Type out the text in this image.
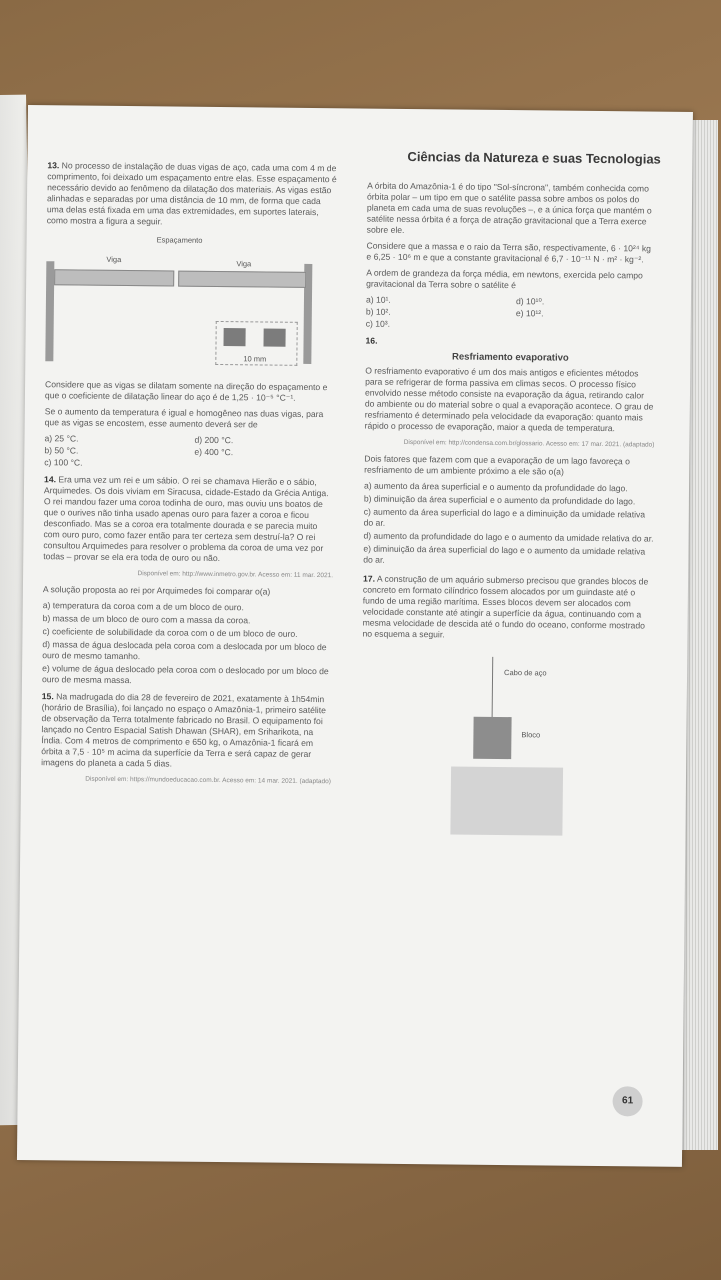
Ciências da Natureza e suas Tecnologias

13. No processo de instalação de duas vigas de aço, cada uma com 4 m de comprimento, foi deixado um espaçamento entre elas. Esse espaçamento é necessário devido ao fenômeno da dilatação dos materiais. As vigas estão alinhadas e separadas por uma distância de 10 mm, de forma que cada uma delas está fixada em uma das extremidades, em suportes laterais, como mostra a figura a seguir.

Espaçamento
Viga	Viga
10 mm

Considere que as vigas se dilatam somente na direção do espaçamento e que o coeficiente de dilatação linear do aço é de 1,25 · 10⁻⁵ °C⁻¹.

Se o aumento da temperatura é igual e homogêneo nas duas vigas, para que as vigas se encostem, esse aumento deverá ser de

a) 25 °C.	d) 200 °C.
b) 50 °C.	e) 400 °C.
c) 100 °C.

14. Era uma vez um rei e um sábio. O rei se chamava Hierão e o sábio, Arquimedes. Os dois viviam em Siracusa, cidade-Estado da Grécia Antiga. O rei mandou fazer uma coroa todinha de ouro, mas ouviu uns boatos de que o ourives não tinha usado apenas ouro para fazer a coroa e ficou desconfiado. Mas se a coroa era totalmente dourada e se parecia muito com ouro puro, como fazer então para ter certeza sem destruí-la? O rei consultou Arquimedes para resolver o problema da coroa de uma vez por todas – provar se ela era toda de ouro ou não.

Disponível em: http://www.inmetro.gov.br. Acesso em: 11 mar. 2021.

A solução proposta ao rei por Arquimedes foi comparar o(a)

a) temperatura da coroa com a de um bloco de ouro.
b) massa de um bloco de ouro com a massa da coroa.
c) coeficiente de solubilidade da coroa com o de um bloco de ouro.
d) massa de água deslocada pela coroa com a deslocada por um bloco de ouro de mesmo tamanho.
e) volume de água deslocado pela coroa com o deslocado por um bloco de ouro de mesma massa.

15. Na madrugada do dia 28 de fevereiro de 2021, exatamente à 1h54min (horário de Brasília), foi lançado no espaço o Amazônia-1, primeiro satélite de observação da Terra totalmente fabricado no Brasil. O equipamento foi lançado no Centro Espacial Satish Dhawan (SHAR), em Sriharikota, na Índia. Com 4 metros de comprimento e 650 kg, o Amazônia-1 ficará em órbita a 7,5 · 10⁵ m acima da superfície da Terra e será capaz de gerar imagens do planeta a cada 5 dias.

Disponível em: https://mundoeducacao.com.br. Acesso em: 14 mar. 2021. (adaptado)

A órbita do Amazônia-1 é do tipo "Sol-síncrona", também conhecida como órbita polar – um tipo em que o satélite passa sobre ambos os polos do planeta em cada uma de suas revoluções –, e a única força que mantém o satélite nessa órbita é a força de atração gravitacional que a Terra exerce sobre ele.

Considere que a massa e o raio da Terra são, respectivamente, 6 · 10²⁴ kg e 6,25 · 10⁶ m e que a constante gravitacional é 6,7 · 10⁻¹¹ N · m² · kg⁻².

A ordem de grandeza da força média, em newtons, exercida pelo campo gravitacional da Terra sobre o satélite é

a) 10¹.	d) 10¹⁰.
b) 10².	e) 10¹².
c) 10³.
16.
Resfriamento evaporativo

O resfriamento evaporativo é um dos mais antigos e eficientes métodos para se refrigerar de forma passiva em climas secos. O processo físico envolvido nesse método consiste na evaporação da água, retirando calor do ambiente ou do material sobre o qual a evaporação acontece. O grau de resfriamento é determinado pela velocidade da evaporação: quanto mais rápido o processo de evaporação, maior a queda de temperatura.

Disponível em: http://condensa.com.br/glossario. Acesso em: 17 mar. 2021. (adaptado)

Dois fatores que fazem com que a evaporação de um lago favoreça o resfriamento de um ambiente próximo a ele são o(a)

a) aumento da área superficial e o aumento da profundidade do lago.
b) diminuição da área superficial e o aumento da profundidade do lago.
c) aumento da área superficial do lago e a diminuição da umidade relativa do ar.
d) aumento da profundidade do lago e o aumento da umidade relativa do ar.
e) diminuição da área superficial do lago e o aumento da umidade relativa do ar.

17. A construção de um aquário submerso precisou que grandes blocos de concreto em formato cilíndrico fossem alocados por um guindaste até o fundo de uma região marítima. Esses blocos devem ser alocados com velocidade constante até atingir a superfície da água, continuando com a mesma velocidade de descida até o fundo do oceano, conforme mostrado no esquema a seguir.

Cabo de aço
Bloco
61
